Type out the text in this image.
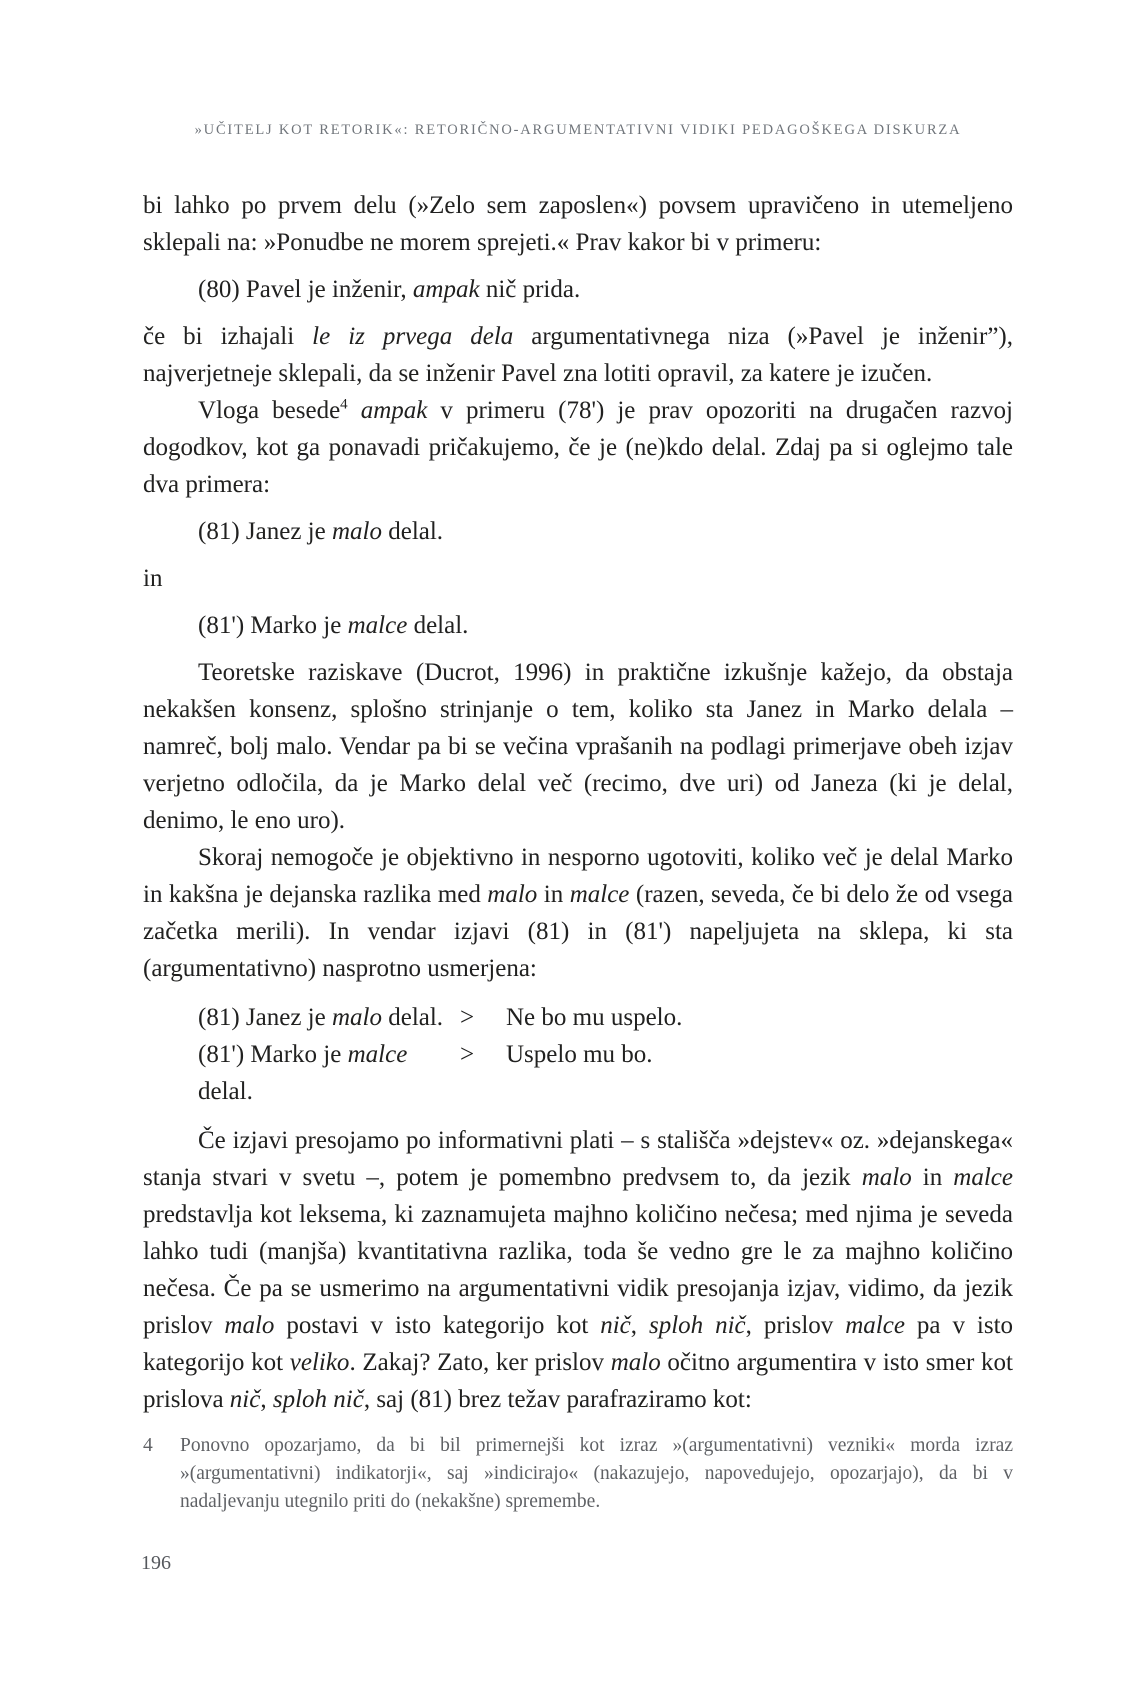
»UČITELJ KOT RETORIK«: RETORIČNO-ARGUMENTATIVNI VIDIKI PEDAGOŠKEGA DISKURZA

bi lahko po prvem delu (»Zelo sem zaposlen«) povsem upravičeno in utemeljeno sklepali na: »Ponudbe ne morem sprejeti.« Prav kakor bi v primeru:

(80) Pavel je inženir, ampak nič prida.

če bi izhajali le iz prvega dela argumentativnega niza (»Pavel je inženir”), najverjetneje sklepali, da se inženir Pavel zna lotiti opravil, za katere je izučen.

Vloga besede$^4$ ampak v primeru (78') je prav opozoriti na drugačen razvoj dogodkov, kot ga ponavadi pričakujemo, če je (ne)kdo delal. Zdaj pa si oglejmo tale dva primera:

(81) Janez je malo delal.

in

(81') Marko je malce delal.

Teoretske raziskave (Ducrot, 1996) in praktične izkušnje kažejo, da obstaja nekakšen konsenz, splošno strinjanje o tem, koliko sta Janez in Marko delala – namreč, bolj malo. Vendar pa bi se večina vprašanih na podlagi primerjave obeh izjav verjetno odločila, da je Marko delal več (recimo, dve uri) od Janeza (ki je delal, denimo, le eno uro).

Skoraj nemogoče je objektivno in nesporno ugotoviti, koliko več je delal Marko in kakšna je dejanska razlika med malo in malce (razen, seveda, če bi delo že od vsega začetka merili). In vendar izjavi (81) in (81') napeljujeta na sklepa, ki sta (argumentativno) nasprotno usmerjena:

(81) Janez je malo delal. >	Ne bo mu uspelo.
(81') Marko je malce delal.
>	Uspelo mu bo.

Če izjavi presojamo po informativni plati – s stališča »dejstev« oz. »dejanskega« stanja stvari v svetu –, potem je pomembno predvsem to, da jezik malo in malce predstavlja kot leksema, ki zaznamujeta majhno količino nečesa; med njima je seveda lahko tudi (manjša) kvantitativna razlika, toda še vedno gre le za majhno količino nečesa. Če pa se usmerimo na argumentativni vidik presojanja izjav, vidimo, da jezik prislov malo postavi v isto kategorijo kot nič, sploh nič, prislov malce pa v isto kategorijo kot veliko. Zakaj? Zato, ker prislov malo očitno argumentira v isto smer kot prislova nič, sploh nič, saj (81) brez težav parafraziramo kot:

4 Ponovno opozarjamo, da bi bil primernejši kot izraz »(argumentativni) vezniki« morda izraz »(argumentativni) indikatorji«, saj »indicirajo« (nakazujejo, napovedujejo, opozarjajo), da bi v nadaljevanju utegnilo priti do (nekakšne) spremembe.
196
